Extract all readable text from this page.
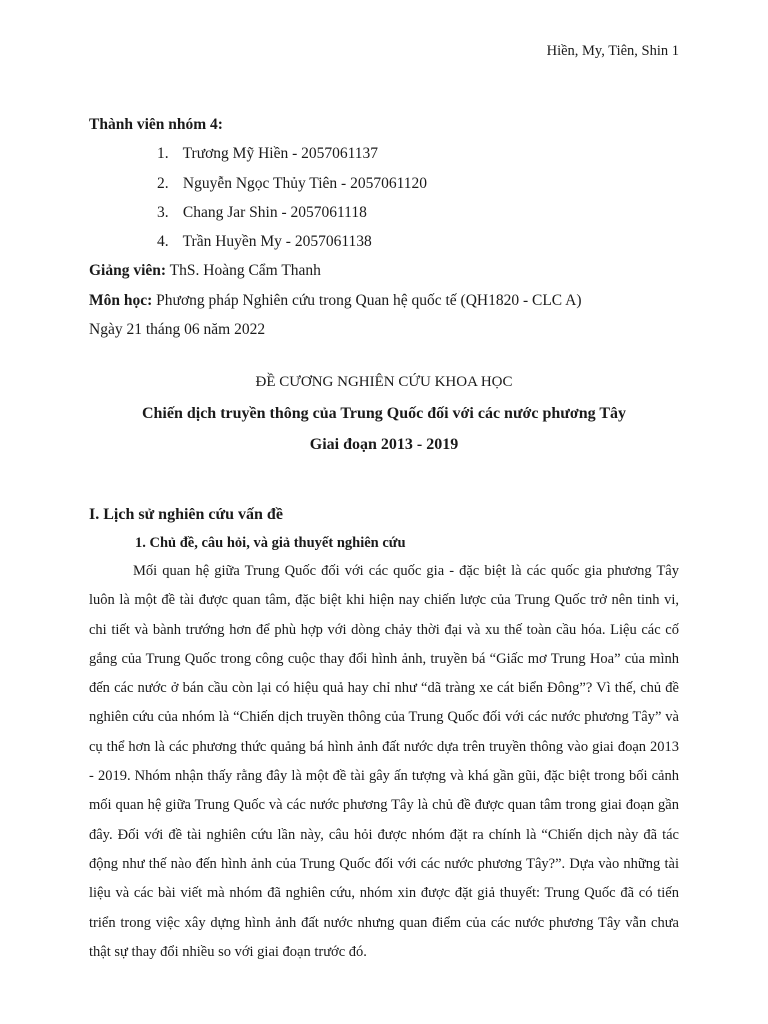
Hiền, My, Tiên, Shin 1
Thành viên nhóm 4:
1. Trương Mỹ Hiền - 2057061137
2. Nguyễn Ngọc Thủy Tiên - 2057061120
3. Chang Jar Shin - 2057061118
4. Trần Huyền My - 2057061138
Giảng viên: ThS. Hoàng Cẩm Thanh
Môn học: Phương pháp Nghiên cứu trong Quan hệ quốc tế (QH1820 - CLC A)
Ngày 21 tháng 06 năm 2022
ĐỀ CƯƠNG NGHIÊN CỨU KHOA HỌC
Chiến dịch truyền thông của Trung Quốc đối với các nước phương Tây
Giai đoạn 2013 - 2019
I. Lịch sử nghiên cứu vấn đề
1. Chủ đề, câu hỏi, và giả thuyết nghiên cứu

Mối quan hệ giữa Trung Quốc đối với các quốc gia - đặc biệt là các quốc gia phương Tây luôn là một đề tài được quan tâm, đặc biệt khi hiện nay chiến lược của Trung Quốc trở nên tinh vi, chi tiết và bành trướng hơn để phù hợp với dòng chảy thời đại và xu thế toàn cầu hóa. Liệu các cố gắng của Trung Quốc trong công cuộc thay đổi hình ảnh, truyền bá “Giấc mơ Trung Hoa” của mình đến các nước ở bán cầu còn lại có hiệu quả hay chỉ như “dã tràng xe cát biển Đông”? Vì thế, chủ đề nghiên cứu của nhóm là “Chiến dịch truyền thông của Trung Quốc đối với các nước phương Tây” và cụ thể hơn là các phương thức quảng bá hình ảnh đất nước dựa trên truyền thông vào giai đoạn 2013 - 2019. Nhóm nhận thấy rằng đây là một đề tài gây ấn tượng và khá gần gũi, đặc biệt trong bối cảnh mối quan hệ giữa Trung Quốc và các nước phương Tây là chủ đề được quan tâm trong giai đoạn gần đây. Đối với đề tài nghiên cứu lần này, câu hỏi được nhóm đặt ra chính là “Chiến dịch này đã tác động như thế nào đến hình ảnh của Trung Quốc đối với các nước phương Tây?”. Dựa vào những tài liệu và các bài viết mà nhóm đã nghiên cứu, nhóm xin được đặt giả thuyết: Trung Quốc đã có tiến triển trong việc xây dựng hình ảnh đất nước nhưng quan điểm của các nước phương Tây vẫn chưa thật sự thay đổi nhiều so với giai đoạn trước đó.
